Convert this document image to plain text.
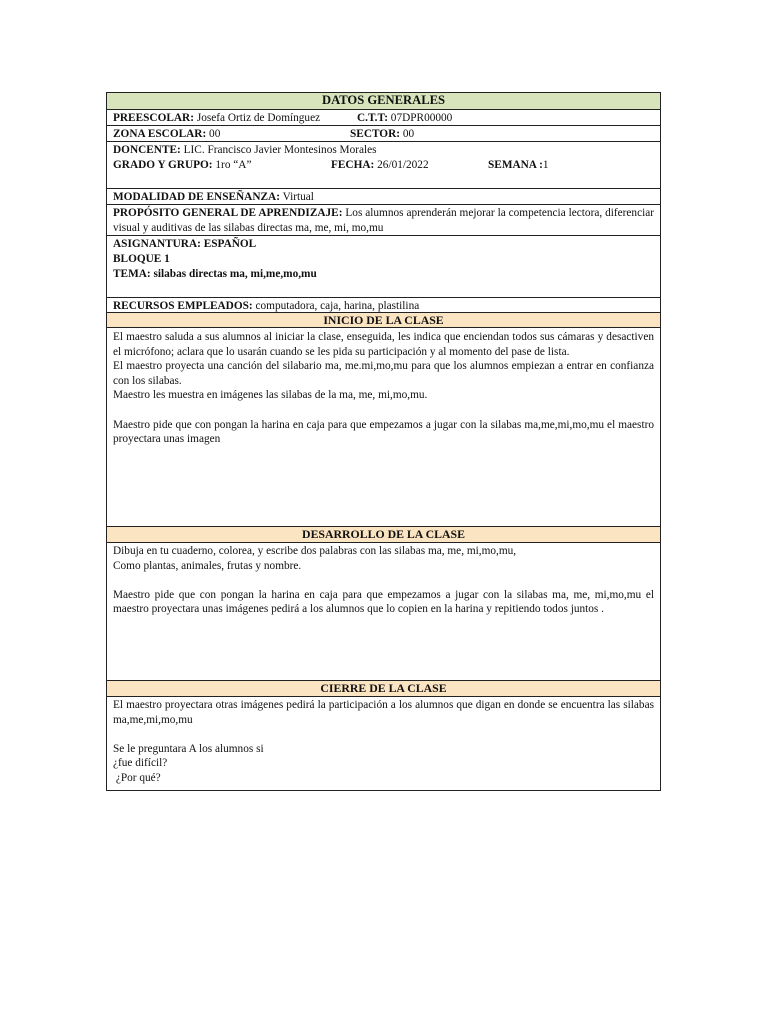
DATOS GENERALES
PREESCOLAR: Josefa Ortiz de Domínguez	C.T.T: 07DPR00000
ZONA ESCOLAR: 00	SECTOR: 00
DONCENTE: LIC. Francisco Javier Montesinos Morales
GRADO Y GRUPO: 1ro “A”	FECHA: 26/01/2022	SEMANA :1
MODALIDAD DE ENSEÑANZA: Virtual

PROPÓSITO GENERAL DE APRENDIZAJE: Los alumnos aprenderán mejorar la competencia lectora, diferenciar visual y auditivas de las silabas directas ma, me, mi, mo,mu

ASIGNANTURA: ESPAÑOL
BLOQUE 1
TEMA: silabas directas ma, mi,me,mo,mu
RECURSOS EMPLEADOS: computadora, caja, harina, plastilina
INICIO DE LA CLASE

El maestro saluda a sus alumnos al iniciar la clase, enseguida, les indica que enciendan todos sus cámaras y desactiven el micrófono; aclara que lo usarán cuando se les pida su participación y al momento del pase de lista.

El maestro proyecta una canción del silabario ma, me.mi,mo,mu para que los alumnos empiezan a entrar en confianza con los silabas.

Maestro les muestra en imágenes las silabas de la ma, me, mi,mo,mu.

Maestro pide que con pongan la harina en caja para que empezamos a jugar con la silabas ma,me,mi,mo,mu el maestro proyectara unas imagen

DESARROLLO DE LA CLASE

Dibuja en tu cuaderno, colorea, y escribe dos palabras con las silabas ma, me, mi,mo,mu,

Como plantas, animales, frutas y nombre.

Maestro pide que con pongan la harina en caja para que empezamos a jugar con la silabas ma, me, mi,mo,mu el maestro proyectara unas imágenes pedirá a los alumnos que lo copien en la harina y repitiendo todos juntos .

CIERRE DE LA CLASE

El maestro proyectara otras imágenes pedirá la participación a los alumnos que digan en donde se encuentra las silabas ma,me,mi,mo,mu

Se le preguntara A los alumnos si

¿fue difícil?

¿Por qué?
